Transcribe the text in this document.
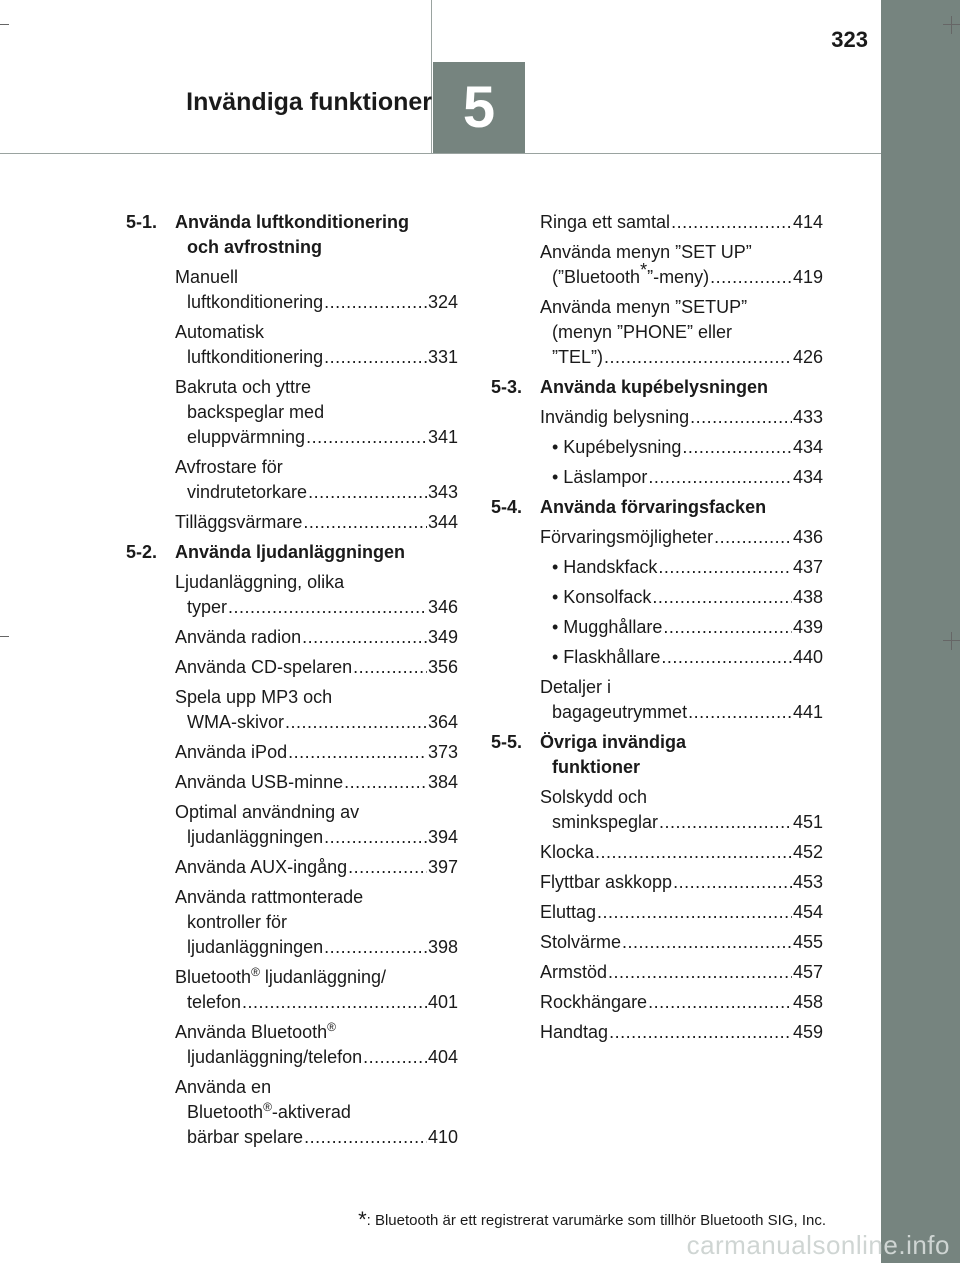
5
Invändiga funktioner
323
5-1. Använda luftkonditionering
och avfrostning
Manuell
luftkonditionering .....	324
Automatisk
luftkonditionering .....	331
Bakruta och yttre
backspeglar med
eluppvärmning .....	341
Avfrostare för
vindrutetorkare .....	343
Tilläggsvärmare .....	344
5-2. Använda ljudanläggningen
Ljudanläggning, olika
typer .....	346
Använda radion .....	349
Använda CD-spelaren .....	356
Spela upp MP3 och
WMA-skivor .....	364
Använda iPod .....	373
Använda USB-minne .....	384
Optimal användning av
ljudanläggningen .....	394
Använda AUX-ingång .....	397
Använda rattmonterade
kontroller för
ljudanläggningen .....	398
Bluetooth® ljudanläggning/
telefon .....	401
Använda Bluetooth®
ljudanläggning/telefon .....	404
Använda en
Bluetooth®-aktiverad
bärbar spelare .....	410
Ringa ett samtal .....	414
Använda menyn ”SET UP”
(”Bluetooth*”-meny) .....	419
Använda menyn ”SETUP”
(menyn ”PHONE” eller
”TEL”) .....	426
5-3. Använda kupébelysningen
Invändig belysning .....	433
• Kupébelysning .....	434
• Läslampor .....	434
5-4. Använda förvaringsfacken
Förvaringsmöjligheter .....	436
• Handskfack .....	437
• Konsolfack .....	438
• Mugghållare .....	439
• Flaskhållare .....	440
Detaljer i
bagageutrymmet .....	441
5-5. Övriga invändiga
funktioner
Solskydd och
sminkspeglar .....	451
Klocka .....	452
Flyttbar askkopp .....	453
Eluttag .....	454
Stolvärme .....	455
Armstöd .....	457
Rockhängare .....	458
Handtag .....	459
*: Bluetooth är ett registrerat varumärke som tillhör Bluetooth SIG, Inc.
carmanualsonline.info
